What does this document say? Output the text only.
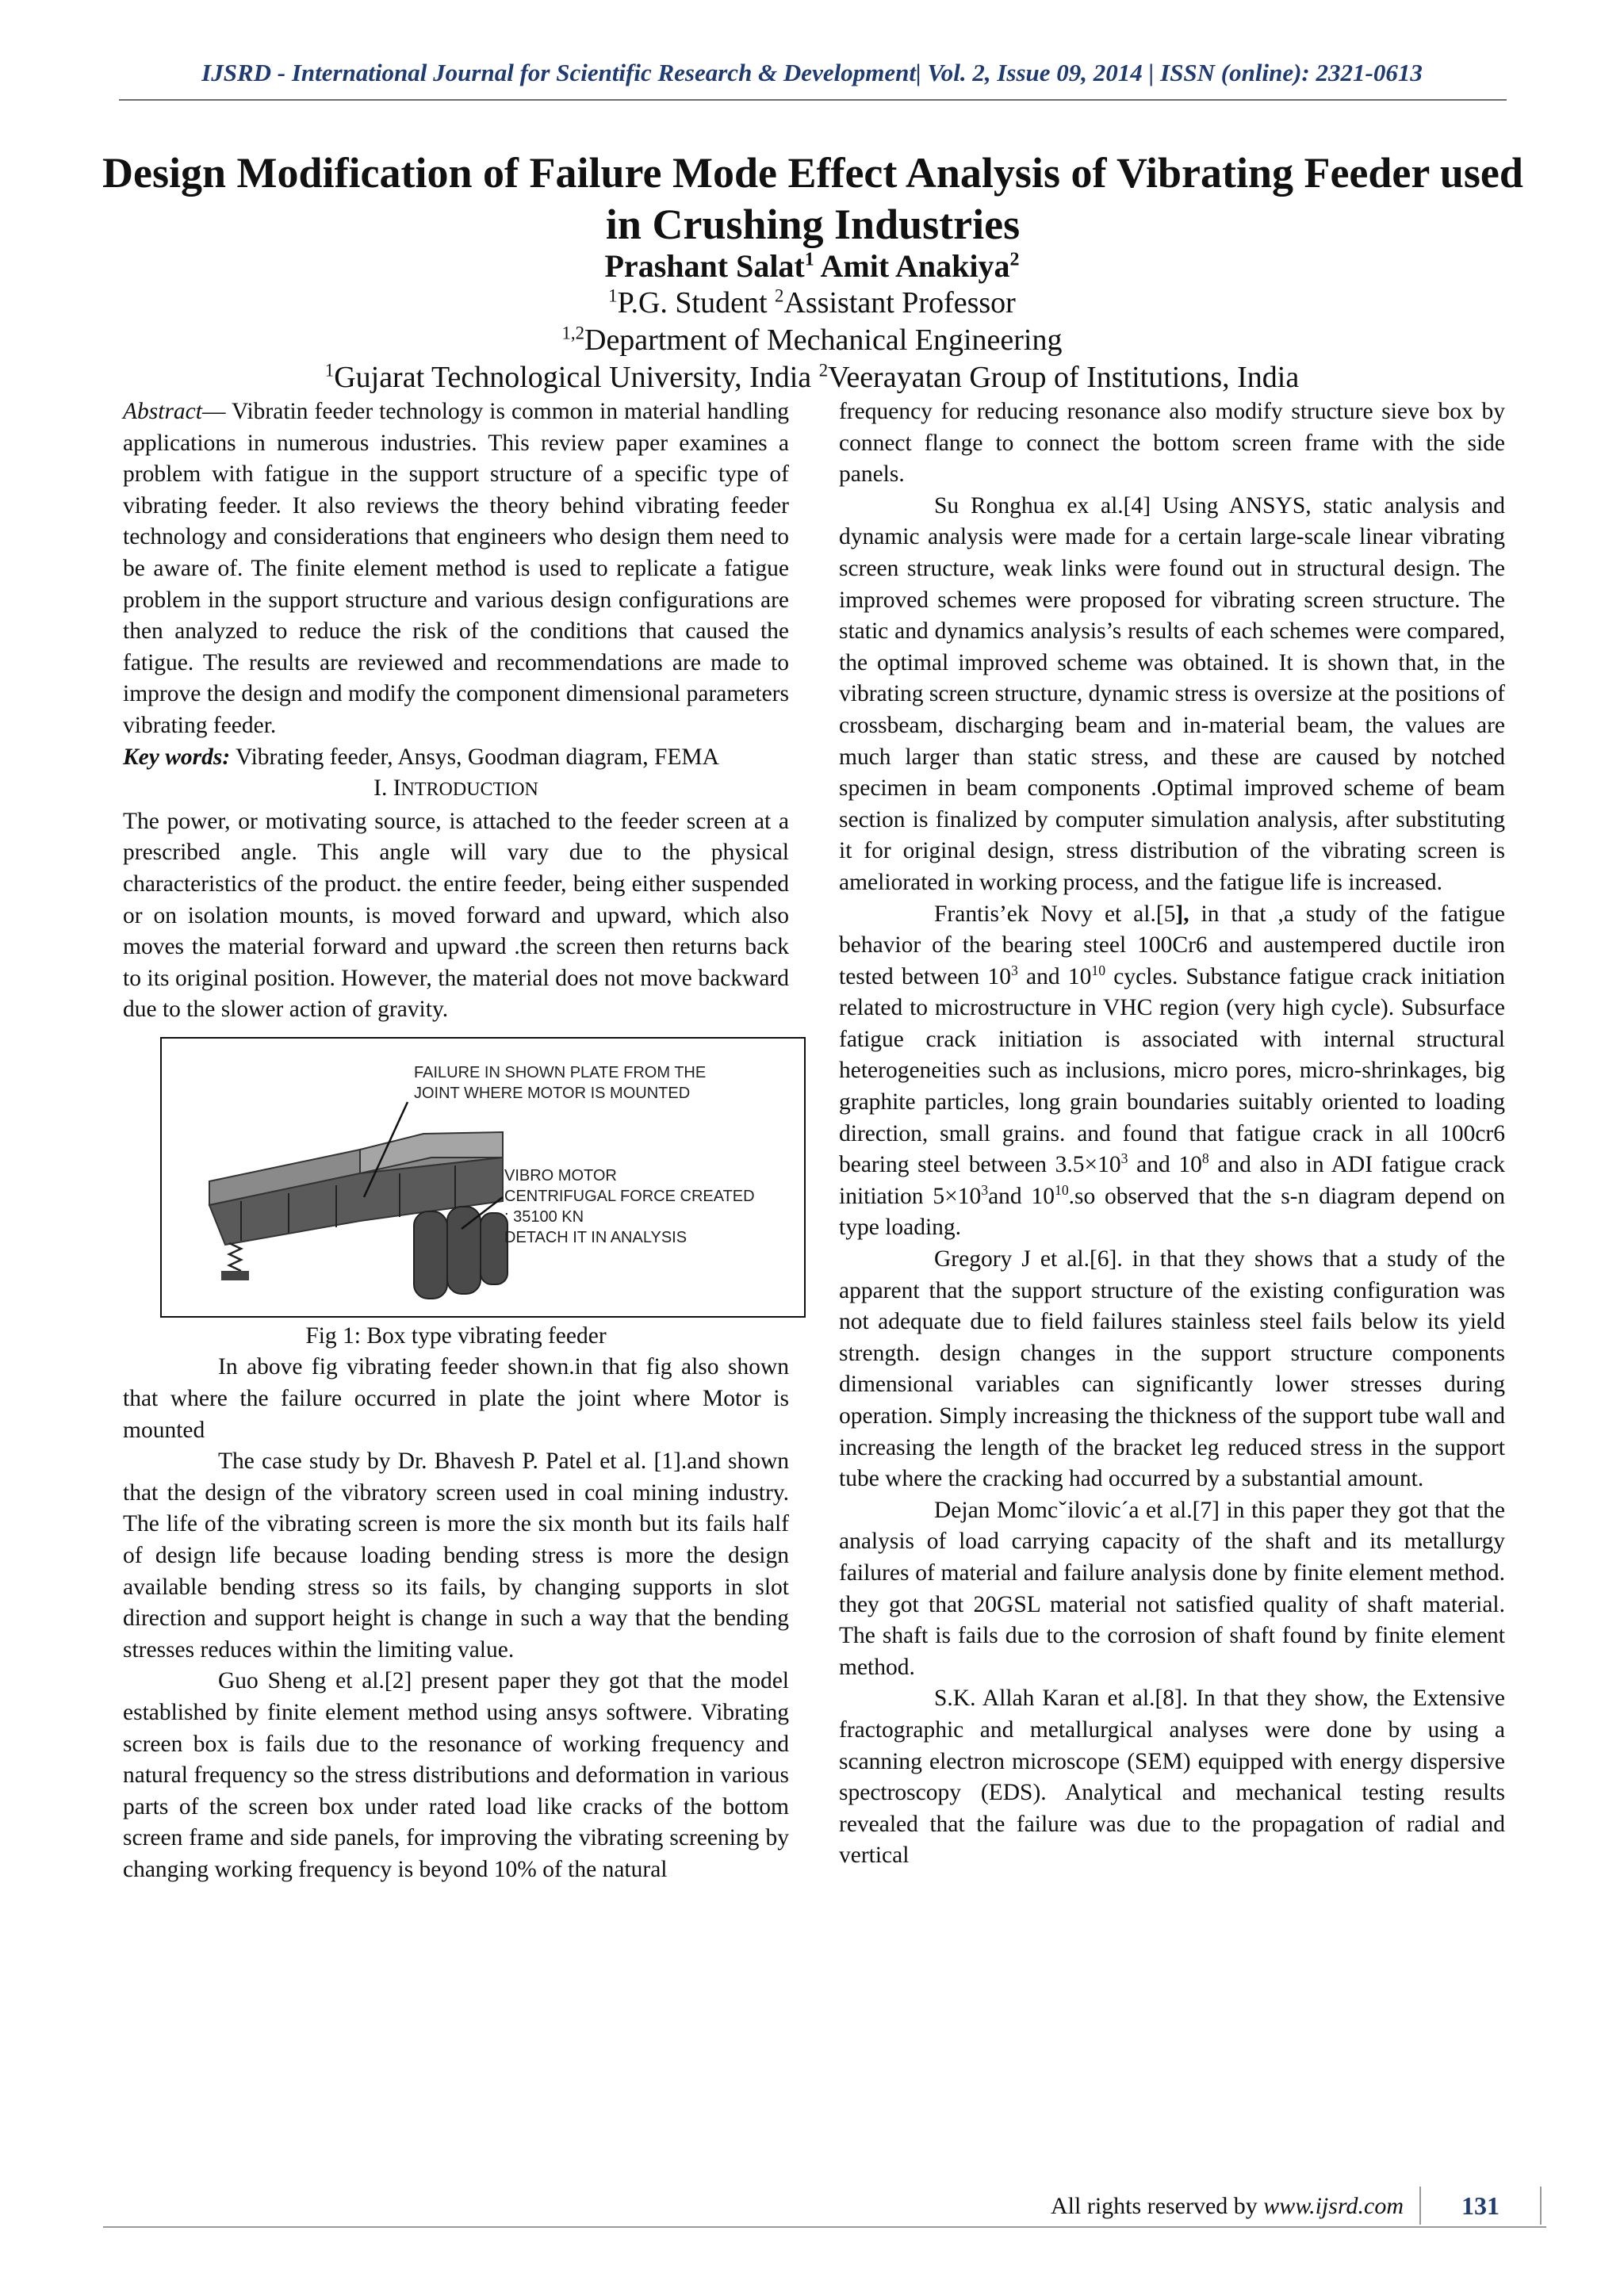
IJSRD - International Journal for Scientific Research & Development| Vol. 2, Issue 09, 2014 | ISSN (online): 2321-0613
Design Modification of Failure Mode Effect Analysis of Vibrating Feeder used in Crushing Industries
Prashant Salat$^1$ Amit Anakiya$^2$
$^1$P.G. Student $^2$Assistant Professor
$^{1,2}$Department of Mechanical Engineering
$^1$Gujarat Technological University, India $^2$Veerayatan Group of Institutions, India

Abstract— Vibratin feeder technology is common in material handling applications in numerous industries. This review paper examines a problem with fatigue in the support structure of a specific type of vibrating feeder. It also reviews the theory behind vibrating feeder technology and considerations that engineers who design them need to be aware of. The finite element method is used to replicate a fatigue problem in the support structure and various design configurations are then analyzed to reduce the risk of the conditions that caused the fatigue. The results are reviewed and recommendations are made to improve the design and modify the component dimensional parameters vibrating feeder.

Key words: Vibrating feeder, Ansys, Goodman diagram, FEMA

I. INTRODUCTION

The power, or motivating source, is attached to the feeder screen at a prescribed angle. This angle will vary due to the physical characteristics of the product. the entire feeder, being either suspended or on isolation mounts, is moved forward and upward, which also moves the material forward and upward .the screen then returns back to its original position. However, the material does not move backward due to the slower action of gravity.

FAILURE IN SHOWN PLATE FROM THE
JOINT WHERE MOTOR IS MOUNTED
VIBRO MOTOR
CENTRIFUGAL FORCE CREATED
: 35100 KN
DETACH IT IN ANALYSIS

Fig 1: Box type vibrating feeder

In above fig vibrating feeder shown.in that fig also shown that where the failure occurred in plate the joint where Motor is mounted

The case study by Dr. Bhavesh P. Patel et al. [1].and shown that the design of the vibratory screen used in coal mining industry. The life of the vibrating screen is more the six month but its fails half of design life because loading bending stress is more the design available bending stress so its fails, by changing supports in slot direction and support height is change in such a way that the bending stresses reduces within the limiting value.

Guo Sheng et al.[2] present paper they got that the model established by finite element method using ansys softwere. Vibrating screen box is fails due to the resonance of working frequency and natural frequency so the stress distributions and deformation in various parts of the screen box under rated load like cracks of the bottom screen frame and side panels, for improving the vibrating screening by changing working frequency is beyond 10% of the natural

frequency for reducing resonance also modify structure sieve box by connect flange to connect the bottom screen frame with the side panels.

Su Ronghua ex al.[4] Using ANSYS, static analysis and dynamic analysis were made for a certain large-scale linear vibrating screen structure, weak links were found out in structural design. The improved schemes were proposed for vibrating screen structure. The static and dynamics analysis’s results of each schemes were compared, the optimal improved scheme was obtained. It is shown that, in the vibrating screen structure, dynamic stress is oversize at the positions of crossbeam, discharging beam and in-material beam, the values are much larger than static stress, and these are caused by notched specimen in beam components .Optimal improved scheme of beam section is finalized by computer simulation analysis, after substituting it for original design, stress distribution of the vibrating screen is ameliorated in working process, and the fatigue life is increased.

Frantis’ek Novy et al.[5], in that ,a study of the fatigue behavior of the bearing steel 100Cr6 and austempered ductile iron tested between $10^3$ and $10^{10}$ cycles. Substance fatigue crack initiation related to microstructure in VHC region (very high cycle). Subsurface fatigue crack initiation is associated with internal structural heterogeneities such as inclusions, micro pores, micro-shrinkages, big graphite particles, long grain boundaries suitably oriented to loading direction, small grains. and found that fatigue crack in all 100cr6 bearing steel between $3.5\times 10^3$ and $10^8$ and also in ADI fatigue crack initiation $5\times 10^3and$ $10^{10}.so$ observed that the s-n diagram depend on type loading.

Gregory J et al.[6]. in that they shows that a study of the apparent that the support structure of the existing configuration was not adequate due to field failures stainless steel fails below its yield strength. design changes in the support structure components dimensional variables can significantly lower stresses during operation. Simply increasing the thickness of the support tube wall and increasing the length of the bracket leg reduced stress in the support tube where the cracking had occurred by a substantial amount.

Dejan Momcˇilovic´a et al.[7] in this paper they got that the analysis of load carrying capacity of the shaft and its metallurgy failures of material and failure analysis done by finite element method. they got that 20GSL material not satisfied quality of shaft material. The shaft is fails due to the corrosion of shaft found by finite element method.

S.K. Allah Karan et al.[8]. In that they show, the Extensive fractographic and metallurgical analyses were done by using a scanning electron microscope (SEM) equipped with energy dispersive spectroscopy (EDS). Analytical and mechanical testing results revealed that the failure was due to the propagation of radial and vertical

All rights reserved by www.ijsrd.com	131
